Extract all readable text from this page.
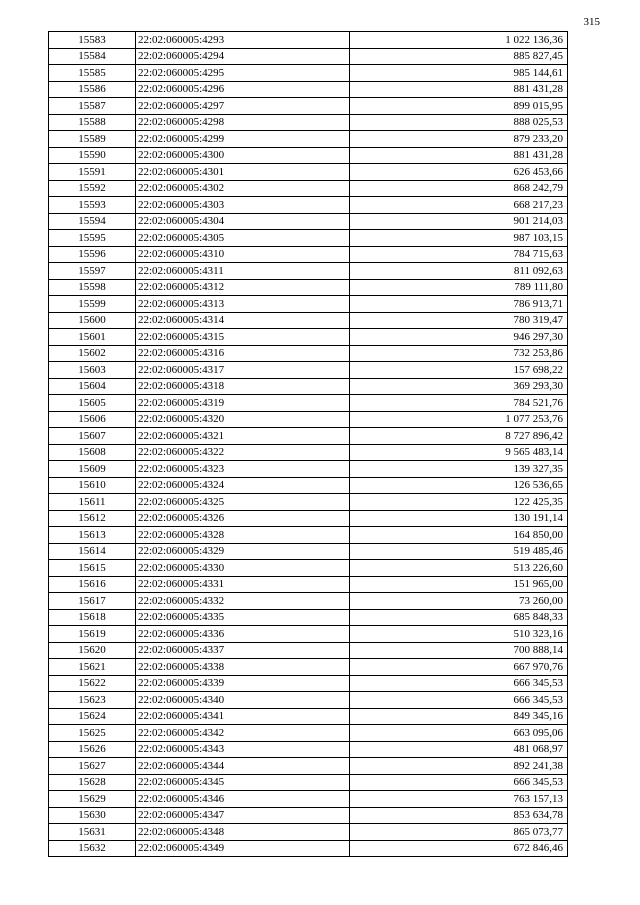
315
15583	22:02:060005:4293	1 022 136,36
15584	22:02:060005:4294	885 827,45
15585	22:02:060005:4295	985 144,61
15586	22:02:060005:4296	881 431,28
15587	22:02:060005:4297	899 015,95
15588	22:02:060005:4298	888 025,53
15589	22:02:060005:4299	879 233,20
15590	22:02:060005:4300	881 431,28
15591	22:02:060005:4301	626 453,66
15592	22:02:060005:4302	868 242,79
15593	22:02:060005:4303	668 217,23
15594	22:02:060005:4304	901 214,03
15595	22:02:060005:4305	987 103,15
15596	22:02:060005:4310	784 715,63
15597	22:02:060005:4311	811 092,63
15598	22:02:060005:4312	789 111,80
15599	22:02:060005:4313	786 913,71
15600	22:02:060005:4314	780 319,47
15601	22:02:060005:4315	946 297,30
15602	22:02:060005:4316	732 253,86
15603	22:02:060005:4317	157 698,22
15604	22:02:060005:4318	369 293,30
15605	22:02:060005:4319	784 521,76
15606	22:02:060005:4320	1 077 253,76
15607	22:02:060005:4321	8 727 896,42
15608	22:02:060005:4322	9 565 483,14
15609	22:02:060005:4323	139 327,35
15610	22:02:060005:4324	126 536,65
15611	22:02:060005:4325	122 425,35
15612	22:02:060005:4326	130 191,14
15613	22:02:060005:4328	164 850,00
15614	22:02:060005:4329	519 485,46
15615	22:02:060005:4330	513 226,60
15616	22:02:060005:4331	151 965,00
15617	22:02:060005:4332	73 260,00
15618	22:02:060005:4335	685 848,33
15619	22:02:060005:4336	510 323,16
15620	22:02:060005:4337	700 888,14
15621	22:02:060005:4338	667 970,76
15622	22:02:060005:4339	666 345,53
15623	22:02:060005:4340	666 345,53
15624	22:02:060005:4341	849 345,16
15625	22:02:060005:4342	663 095,06
15626	22:02:060005:4343	481 068,97
15627	22:02:060005:4344	892 241,38
15628	22:02:060005:4345	666 345,53
15629	22:02:060005:4346	763 157,13
15630	22:02:060005:4347	853 634,78
15631	22:02:060005:4348	865 073,77
15632	22:02:060005:4349	672 846,46
